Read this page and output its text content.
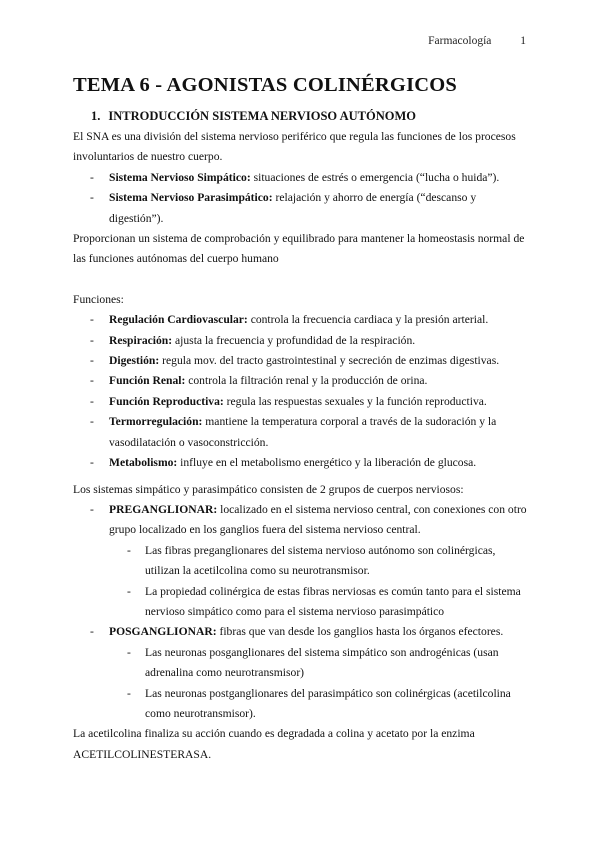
Farmacología	1
TEMA 6 - AGONISTAS COLINÉRGICOS
1. INTRODUCCIÓN SISTEMA NERVIOSO AUTÓNOMO

El SNA es una división del sistema nervioso periférico que regula las funciones de los procesos involuntarios de nuestro cuerpo.

- Sistema Nervioso Simpático: situaciones de estrés o emergencia (“lucha o huida”).
- Sistema Nervioso Parasimpático: relajación y ahorro de energía (“descanso y digestión”).

Proporcionan un sistema de comprobación y equilibrado para mantener la homeostasis normal de las funciones autónomas del cuerpo humano

Funciones:

- Regulación Cardiovascular: controla la frecuencia cardiaca y la presión arterial.
- Respiración: ajusta la frecuencia y profundidad de la respiración.
- Digestión: regula mov. del tracto gastrointestinal y secreción de enzimas digestivas.
- Función Renal: controla la filtración renal y la producción de orina.
- Función Reproductiva: regula las respuestas sexuales y la función reproductiva.
- Termorregulación: mantiene la temperatura corporal a través de la sudoración y la vasodilatación o vasoconstricción.
- Metabolismo: influye en el metabolismo energético y la liberación de glucosa.

Los sistemas simpático y parasimpático consisten de 2 grupos de cuerpos nerviosos:

- PREGANGLIONAR: localizado en el sistema nervioso central, con conexiones con otro grupo localizado en los ganglios fuera del sistema nervioso central.
- Las fibras preganglionares del sistema nervioso autónomo son colinérgicas, utilizan la acetilcolina como su neurotransmisor.
- La propiedad colinérgica de estas fibras nerviosas es común tanto para el sistema nervioso simpático como para el sistema nervioso parasimpático
- POSGANGLIONAR: fibras que van desde los ganglios hasta los órganos efectores.
- Las neuronas posganglionares del sistema simpático son androgénicas (usan adrenalina como neurotransmisor)
- Las neuronas postganglionares del parasimpático son colinérgicas (acetilcolina como neurotransmisor).

La acetilcolina finaliza su acción cuando es degradada a colina y acetato por la enzima ACETILCOLINESTERASA.
